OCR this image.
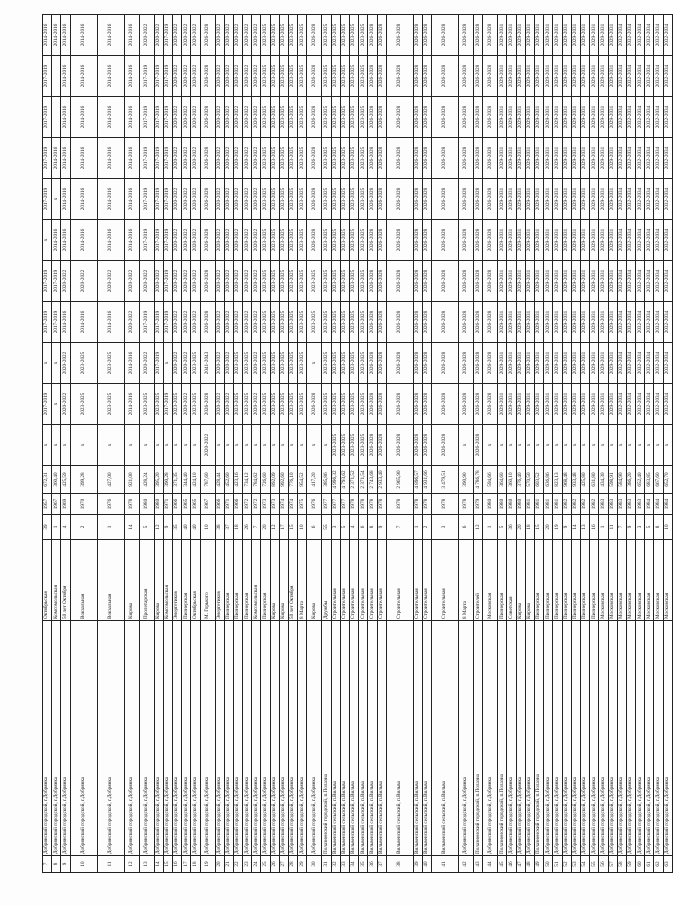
7	Добрянский городской, г.Добрянка	Октябрьская	39	1957	672,31	х	2017-2019	х	2017-2019	2017-2019	х	2017-2019	2017-2019	2017-2019	2017-2019	2014-2016
8	Добрянский городской, г.Добрянка	Комсомольская	1	1967	360,40	х	х	х	2017-2019	2017-2019	2014-2016	х	2014-2016			2014-2016
9	Добрянский городской, г.Добрянка	50 лет Октября	4	1969	425,59	х	2020-2022	2020-2022	2014-2016	2020-2022	2014-2016	2014-2016	2014-2016	2014-2016	2014-2016	2014-2016
10	Добрянский городской, г.Добрянка	Вокзальная	2	1970	399,28	х	2023-2025	2023-2025	2014-2016	2020-2022	2014-2016	2014-2016	2014-2016	2014-2016	2014-2016	2014-2016
11	Добрянский городской, г.Добрянка	Вокзальная	1	1976	427,00	х	2023-2025	2023-2025	2014-2016	2020-2022	2014-2016	2014-2016	2014-2016	2014-2016	2014-2016	2014-2016
12	Добрянский городской, г.Добрянка	Кирова	14	1978	921,00	х	2014-2016	2014-2016	2020-2022	2020-2022	2014-2016	2014-2016	2014-2016	2014-2016	2014-2016	2014-2016
13	Добрянский городской, г.Добрянка	Пролетарская	5	1980	428,24	х	2023-2025	2020-2022	2017-2019	2020-2022	2017-2019	2017-2019	2017-2019	2017-2019	2017-2019	2020-2022
14	Добрянский городской, г.Добрянка	Кирова	12	1980	395,20	х	2023-2025	2017-2019	2017-2019	2020-2022	2017-2019	2017-2019	2017-2019	2017-2019	2017-2019	2020-2022
15	Добрянский городской, г.Добрянка	Комсомольская	9	1971	390,28	х	2017-2019	х	2017-2019	2017-2019	2017-2019	2017-2019	2017-2019	2017-2019	2017-2019	2017-2019
16	Добрянский городской, г.Добрянка	Энергетиков	35	1966	371,35	х	2023-2025	2020-2022	2020-2022	2020-2022	2020-2022	2020-2022	2020-2022	2020-2022	2020-2022	2020-2022
17	Добрянский городской, г.Добрянка	Пионерская	40	1965	344,40	х	2020-2022	2020-2022	2020-2022	2020-2022	2020-2022	2020-2022	2020-2022	2020-2022	2020-2022	2020-2022
18	Добрянский городской, г.Добрянка	Октябрьская	40	1965	424,10	х	2023-2025	2023-2025	2020-2022	2020-2022	2020-2022	2020-2022	2020-2022	2020-2022	2020-2022	2020-2022
19	Добрянский городской, г.Добрянка	М. Горького	10	1967	787,60	2020-2022	2026-2028	2041-2043	2026-2028	2026-2028	2026-2028	2026-2028	2026-2028	2026-2028	2026-2028	2026-2028
20	Добрянский городской, г.Добрянка	Энергетиков	38	1966	428,44	х	2020-2022	2020-2022	2020-2022	2020-2022	2020-2022	2020-2022	2020-2022	2020-2022	2020-2022	2020-2022
21	Добрянский городской, г.Добрянка	Пионерская	37	1971	452,60	х	2020-2022	2020-2022	2020-2022	2020-2022	2020-2022	2020-2022	2020-2022	2020-2022	2020-2022	2020-2022
22	Добрянский городской, г.Добрянка	Пионерская	18	1966	423,16	х	2023-2025	2023-2025	2020-2022	2020-2022	2020-2022	2020-2022	2020-2022	2020-2022	2020-2022	2020-2022
23	Добрянский городской, г.Добрянка	Пионерская	26	1972	734,12	х	2023-2025	2023-2025	2020-2022	2020-2022	2020-2022	2020-2022	2020-2022	2020-2022	2020-2022	2020-2022
24	Добрянский городской, г.Добрянка	Комсомольская	7	1972	784,62	х	2020-2022	2020-2022	2020-2022	2020-2022	2020-2022	2020-2022	2020-2022	2020-2022	2020-2022	2020-2022
25	Добрянский городской, г.Добрянка	Пионерская	20	1973	726,60	х	2023-2025	2023-2025	2023-2025	2023-2025	2023-2025	2023-2025	2023-2025	2023-2025	2023-2025	2023-2025
26	Добрянский городской, г.Добрянка	Кирова	12	1973	892,09	х	2023-2025	2023-2025	2023-2025	2023-2025	2023-2025	2023-2025	2023-2025	2023-2025	2023-2025	2023-2025
27	Добрянский городской, г.Добрянка	Кирова	17	1974	992,60	х	2023-2025	2023-2025	2023-2025	2023-2025	2023-2025	2023-2025	2023-2025	2023-2025	2023-2025	2023-2025
28	Добрянский городской, г.Добрянка	50 лет Октября	15	1974	776,10	х	2023-2025	2023-2025	2023-2025	2023-2025	2023-2025	2023-2025	2023-2025	2023-2025	2023-2025	2023-2025
29	Добрянский городской, г.Добрянка	8 Марта	10	1975	954,52	х	2023-2025	2023-2025	2023-2025	2023-2025	2023-2025	2023-2025	2023-2025	2023-2025	2023-2025	2023-2025
30	Добрянский городской, г.Добрянка	Кирова	6	1976	417,20	х	2026-2028	х	2023-2025	2023-2025	2026-2028	2026-2028	2026-2028	2026-2028	2026-2028	2026-2028
31	Полазненский городской, п.Полазна	Дружбы	55	1977	385,86	х	2023-2025	2023-2025	2023-2025	2023-2025	2023-2025	2023-2025	2023-2025	2023-2025	2023-2025	2023-2025
32	Вильвенский сельский, п.Вильва	Строительная	3	1977	4 996,32	2023-2025	2023-2025	2023-2025	2023-2025	2023-2025	2023-2025	2023-2025	2023-2025	2023-2025	2023-2025	2023-2025
33	Вильвенский сельский, п.Вильва	Строительная	5	1977	4 793,62	2023-2025	2023-2025	2023-2025	2023-2025	2023-2025	2023-2025	2023-2025	2023-2025	2023-2025	2023-2025	2023-2025
34	Вильвенский сельский, п.Вильва	Строительная	4	1978	2 371,52	2023-2025	2023-2025	2023-2025	2023-2025	2023-2025	2023-2025	2023-2025	2023-2025	2023-2025	2023-2025	2023-2025
35	Вильвенский сельский, п.Вильва	Строительная	6	1978	2 371,54	2023-2025	2023-2025	2023-2025	2023-2025	2023-2025	2023-2025	2023-2025	2023-2025	2023-2025	2023-2025	2023-2025
36	Вильвенский сельский, п.Вильва	Строительная	8	1978	2 743,68	2026-2028	2026-2028	2026-2028	2026-2028	2026-2028	2026-2028	2026-2028	2026-2028	2026-2028	2026-2028	2026-2028
37	Вильвенский сельский, п.Вильва	Строительная	9	1978	2 933,40	2026-2028	2026-2028	2026-2028	2026-2028	2026-2028	2026-2028	2026-2028	2026-2028	2026-2028	2026-2028	2026-2028
38	Вильвенский сельский, п.Вильва	Строительная	7	1978	2 965,90	2026-2028	2026-2028	2026-2028	2026-2028	2026-2028	2026-2028	2026-2028	2026-2028	2026-2028	2026-2028	2026-2028
39	Вильвенский сельский, п.Вильва	Строительная	1	1978	4 896,57	2026-2028	2026-2028	2026-2028	2026-2028	2026-2028	2026-2028	2026-2028	2026-2028	2026-2028	2026-2028	2026-2028
40	Вильвенский сельский, п.Вильва	Строительная	2	1978	4 931,66	2026-2028	2026-2028	2026-2028	2026-2028	2026-2028	2026-2028	2026-2028	2026-2028	2026-2028	2026-2028	2026-2028
41	Вильвенский сельский, п.Вильва	Строительная	3	1978	3 479,51	2026-2028	2026-2028	2026-2028	2026-2028	2026-2028	2026-2028	2026-2028	2026-2028	2026-2028	2026-2028	2026-2028
42	Добрянский городской, г.Добрянка	8 Марта	6	1978	390,90	х	2026-2028	2026-2028	2026-2028	2026-2028	2026-2028	2026-2028	2026-2028	2026-2028	2026-2028	2026-2028
43	Полазненский городской, п.Полазна	Строителей	12	1979	4 786,78	2026-2028	2026-2028	2026-2028	2026-2028	2026-2028	2026-2028	2026-2028	2026-2028	2026-2028	2026-2028	2026-2028
44	Добрянский городской, г.Добрянка	Московская	1	1980	594,66	х	2026-2028	2026-2028	2026-2028	2026-2028	2026-2028	2026-2028	2026-2028	2026-2028	2026-2028	2026-2028
45	Полазненский городской, п.Полазна	Пионерская	5	1980	364,60	х	2029-2031	2029-2031	2029-2031	2029-2031	2029-2031	2029-2031	2029-2031	2029-2031	2029-2031	2029-2031
46	Добрянский городской, г.Добрянка	Советская	36	1980	360,10	х	2029-2031	2029-2031	2029-2031	2029-2031	2029-2031	2029-2031	2029-2031	2029-2031	2029-2031	2029-2031
47	Добрянский городской, г.Добрянка	Кирова	20	1980	376,40	х	2029-2031	2029-2031	2029-2031	2029-2031	2029-2031	2029-2031	2029-2031	2029-2031	2029-2031	2029-2031
48	Добрянский городской, г.Добрянка	Кирова	18	1981	570,50	х	2029-2031	2029-2031	2029-2031	2029-2031	2029-2031	2029-2031	2029-2031	2029-2031	2029-2031	2029-2031
49	Полазненский городской, п.Полазна	Пионерская	15	1981	603,52	х	2029-2031	2029-2031	2029-2031	2029-2031	2029-2031	2029-2031	2029-2031	2029-2031	2029-2031	2029-2031
50	Добрянский городской, г.Добрянка	Пионерская	20	1981	636,86	х	2029-2031	2029-2031	2029-2031	2029-2031	2029-2031	2029-2031	2029-2031	2029-2031	2029-2031	2029-2031
51	Добрянский городской, г.Добрянка	Пионерская	19	1981	823,13	х	2029-2031	2029-2031	2029-2031	2029-2031	2029-2031	2029-2031	2029-2031	2029-2031	2029-2031	2029-2031
52	Добрянский городской, г.Добрянка	Пионерская	9	1982	968,48	х	2029-2031	2029-2031	2029-2031	2029-2031	2029-2031	2029-2031	2029-2031	2029-2031	2029-2031	2029-2031
53	Добрянский городской, г.Добрянка	Пионерская	14	1982	933,48	х	2029-2031	2029-2031	2029-2031	2029-2031	2029-2031	2029-2031	2029-2031	2029-2031	2029-2031	2029-2031
54	Добрянский городской, г.Добрянка	Пионерская	13	1982	425,80	х	2029-2031	2029-2031	2029-2031	2029-2031	2029-2031	2029-2031	2029-2031	2029-2031	2029-2031	2029-2031
55	Добрянский городской, г.Добрянка	Пионерская	16	1982	631,80	х	2029-2031	2029-2031	2029-2031	2029-2031	2029-2031	2029-2031	2029-2031	2029-2031	2029-2031	2029-2031
56	Добрянский городской, г.Добрянка	Московская	1	1983	434,30	х	2029-2031	2029-2031	2029-2031	2029-2031	2029-2031	2029-2031	2029-2031	2029-2031	2029-2031	2029-2031
57	Добрянский городской, г.Добрянка	Московская	11	1983	598,91	х	2029-2031	2029-2031	2029-2031	2029-2031	2029-2031	2029-2031	2029-2031	2029-2031	2029-2031	2029-2031
58	Добрянский городской, г.Добрянка	Московская	7	1983	584,90	х	2032-2034	2032-2034	2032-2034	2032-2034	2032-2034	2032-2034	2032-2034	2032-2034	2032-2034	2032-2034
59	Добрянский городской, г.Добрянка	Московская	9	1983	386,20	х	2032-2034	2032-2034	2032-2034	2032-2034	2032-2034	2032-2034	2032-2034	2032-2034	2032-2034	2032-2034
60	Добрянский городской, г.Добрянка	Московская	3	1983	652,40	х	2032-2034	2032-2034	2032-2034	2032-2034	2032-2034	2032-2034	2032-2034	2032-2034	2032-2034	2032-2034
61	Добрянский городской, г.Добрянка	Московская	5	1984	683,85	х	2032-2034	2032-2034	2032-2034	2032-2034	2032-2034	2032-2034	2032-2034	2032-2034	2032-2034	2032-2034
62	Добрянский городской, г.Добрянка	Московская	8	1984	667,60	х	2032-2034	2032-2034	2032-2034	2032-2034	2032-2034	2032-2034	2032-2034	2032-2034	2032-2034	2032-2034
63	Добрянский городской, г.Добрянка	Московская	10	1984	652,70	х	2032-2034	2032-2034	2032-2034	2032-2034	2032-2034	2032-2034	2032-2034	2032-2034	2032-2034	2032-2034
